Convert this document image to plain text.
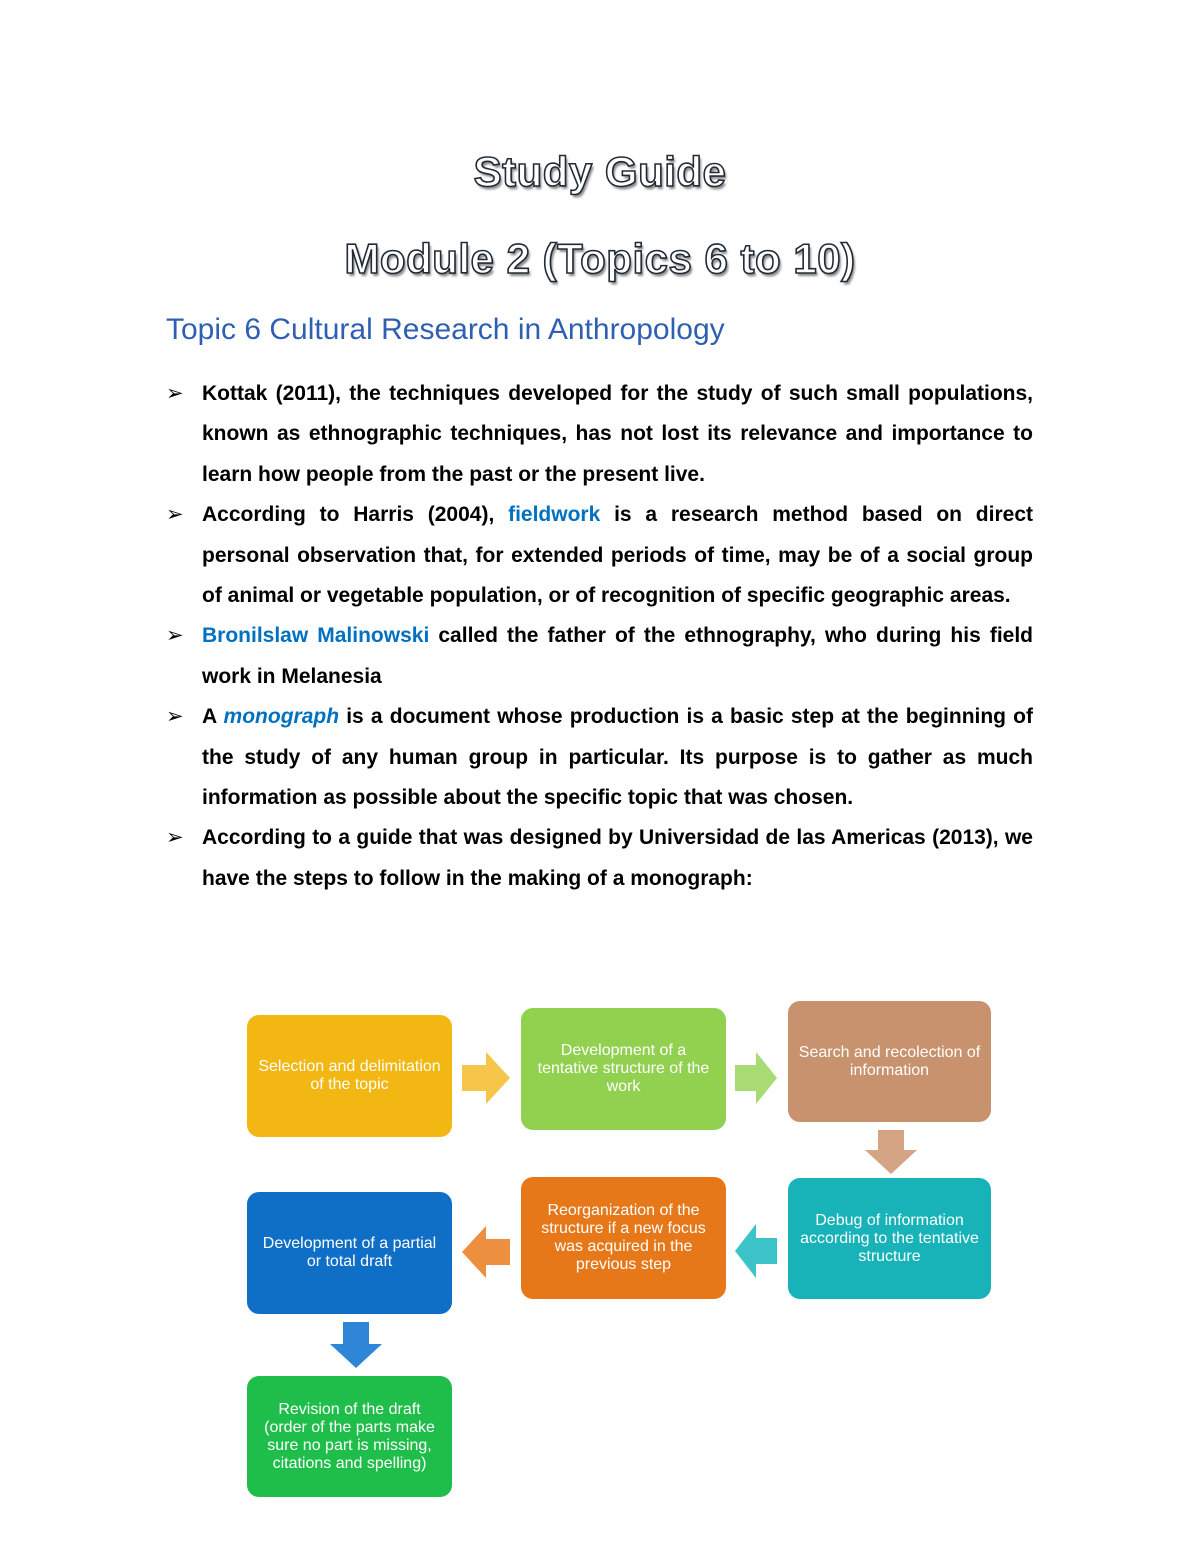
Study Guide
Module 2 (Topics 6 to 10)
Topic 6 Cultural Research in Anthropology
➢ Kottak (2011), the techniques developed for the study of such small populations, known as ethnographic techniques, has not lost its relevance and importance to learn how people from the past or the present live.
➢ According to Harris (2004), fieldwork is a research method based on direct personal observation that, for extended periods of time, may be of a social group of animal or vegetable population, or of recognition of specific geographic areas.
➢ Bronilslaw Malinowski called the father of the ethnography, who during his field work in Melanesia
➢ A monograph is a document whose production is a basic step at the beginning of the study of any human group in particular. Its purpose is to gather as much information as possible about the specific topic that was chosen.
➢ According to a guide that was designed by Universidad de las Americas (2013), we have the steps to follow in the making of a monograph:
Selection and delimitation of the topic
Development of a tentative structure of the work
Search and recolection of information
Debug of information according to the tentative structure
Reorganization of the structure if a new focus was acquired in the previous step
Development of a partial or total draft
Revision of the draft (order of the parts make sure no part is missing, citations and spelling)
